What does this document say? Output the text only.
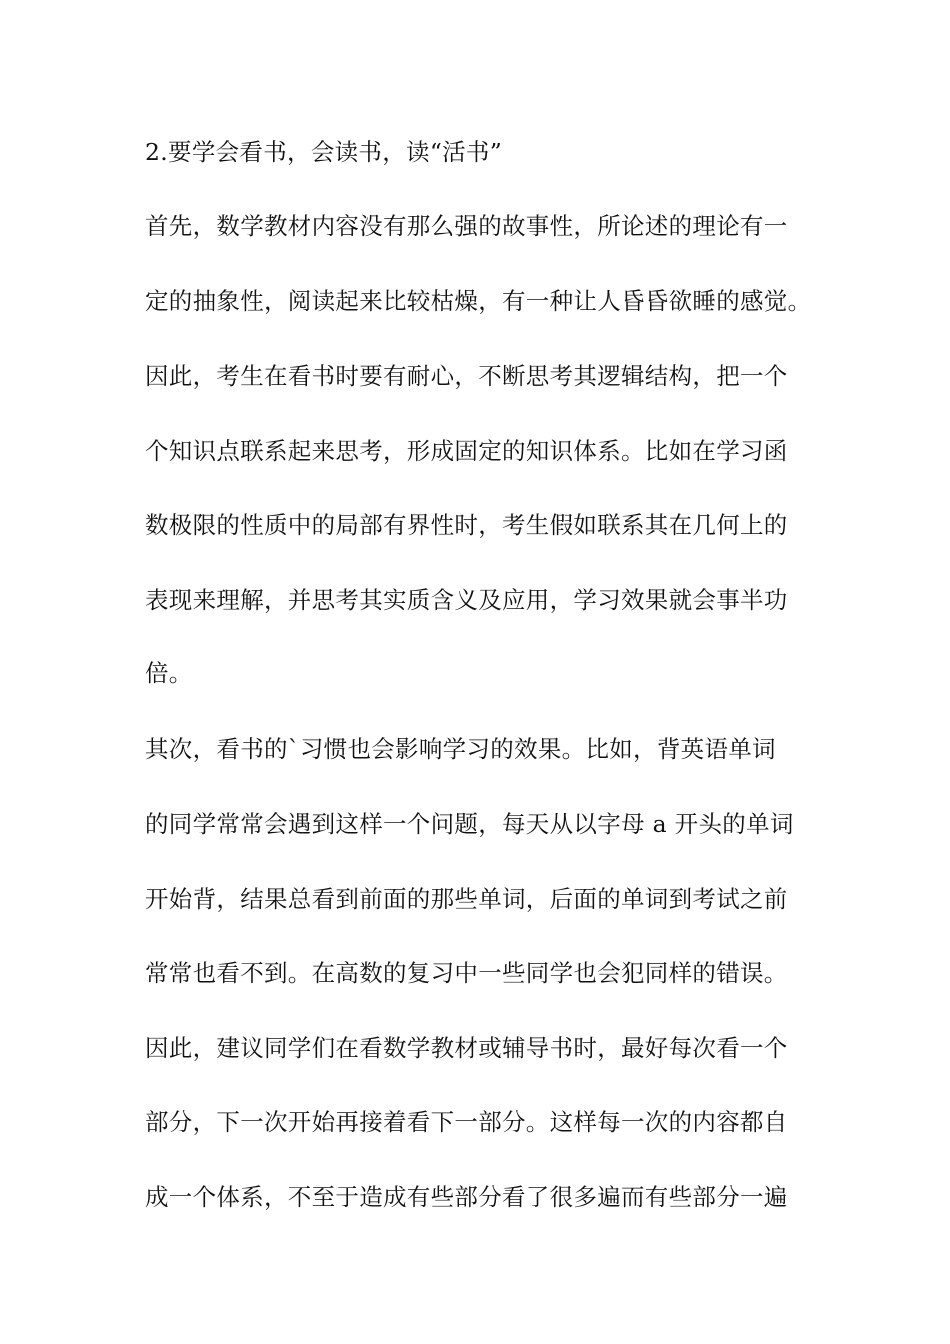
2.要学会看书，会读书，读“活书”
首先，数学教材内容没有那么强的故事性，所论述的理论有一
定的抽象性，阅读起来比较枯燥，有一种让人昏昏欲睡的感觉。
因此，考生在看书时要有耐心，不断思考其逻辑结构，把一个
个知识点联系起来思考，形成固定的知识体系。比如在学习函
数极限的性质中的局部有界性时，考生假如联系其在几何上的
表现来理解，并思考其实质含义及应用，学习效果就会事半功
倍。
其次，看书的`习惯也会影响学习的效果。比如，背英语单词
的同学常常会遇到这样一个问题，每天从以字母 a 开头的单词
开始背，结果总看到前面的那些单词，后面的单词到考试之前
常常也看不到。在高数的复习中一些同学也会犯同样的错误。
因此，建议同学们在看数学教材或辅导书时，最好每次看一个
部分，下一次开始再接着看下一部分。这样每一次的内容都自
成一个体系，不至于造成有些部分看了很多遍而有些部分一遍
